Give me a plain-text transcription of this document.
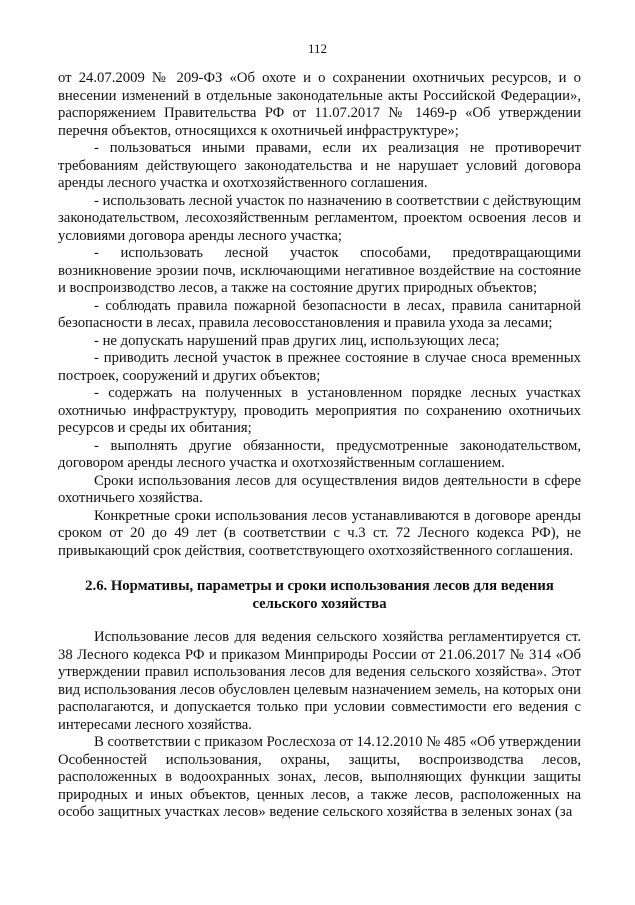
112

от 24.07.2009 № 209-ФЗ «Об охоте и о сохранении охотничьих ресурсов, и о внесении изменений в отдельные законодательные акты Российской Федерации», распоряжением Правительства РФ от 11.07.2017 № 1469-р «Об утверждении перечня объектов, относящихся к охотничьей инфраструктуре»;

- пользоваться иными правами, если их реализация не противоречит требованиям действующего законодательства и не нарушает условий договора аренды лесного участка и охотхозяйственного соглашения.

- использовать лесной участок по назначению в соответствии с действующим законодательством, лесохозяйственным регламентом, проектом освоения лесов и условиями договора аренды лесного участка;

- использовать лесной участок способами, предотвращающими возникновение эрозии почв, исключающими негативное воздействие на состояние и воспроизводство лесов, а также на состояние других природных объектов;

- соблюдать правила пожарной безопасности в лесах, правила санитарной безопасности в лесах, правила лесовосстановления и правила ухода за лесами;

- не допускать нарушений прав других лиц, использующих леса;

- приводить лесной участок в прежнее состояние в случае сноса временных построек, сооружений и других объектов;

- содержать на полученных в установленном порядке лесных участках охотничью инфраструктуру, проводить мероприятия по сохранению охотничьих ресурсов и среды их обитания;

- выполнять другие обязанности, предусмотренные законодательством, договором аренды лесного участка и охотхозяйственным соглашением.

Сроки использования лесов для осуществления видов деятельности в сфере охотничьего хозяйства.

Конкретные сроки использования лесов устанавливаются в договоре аренды сроком от 20 до 49 лет (в соответствии с ч.3 ст. 72 Лесного кодекса РФ), не привыкающий срок действия, соответствующего охотхозяйственного соглашения.

2.6. Нормативы, параметры и сроки использования лесов для ведения

сельского хозяйства

Использование лесов для ведения сельского хозяйства регламентируется ст. 38 Лесного кодекса РФ и приказом Минприроды России от 21.06.2017 № 314 «Об утверждении правил использования лесов для ведения сельского хозяйства». Этот вид использования лесов обусловлен целевым назначением земель, на которых они располагаются, и допускается только при условии совместимости его ведения с интересами лесного хозяйства.

В соответствии с приказом Рослесхоза от 14.12.2010 № 485 «Об утверждении Особенностей использования, охраны, защиты, воспроизводства лесов, расположенных в водоохранных зонах, лесов, выполняющих функции защиты природных и иных объектов, ценных лесов, а также лесов, расположенных на особо защитных участках лесов» ведение сельского хозяйства в зеленых зонах (за
